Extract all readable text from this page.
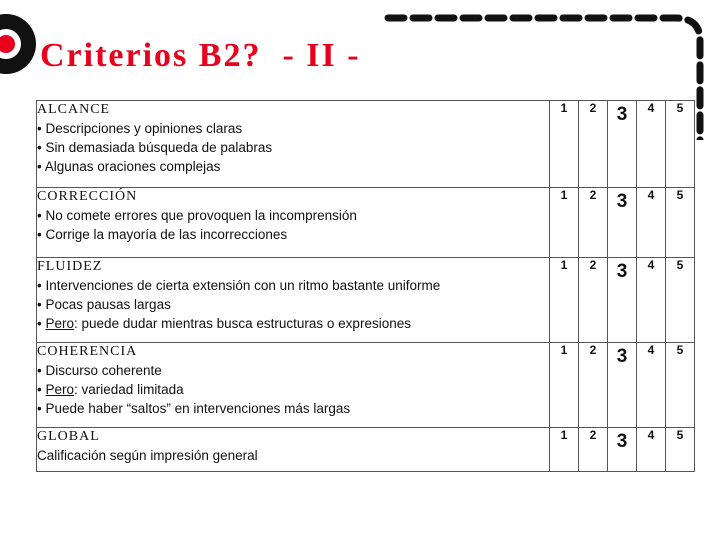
Criterios B2?  - II -
ALCANCE
• Descripciones y opiniones claras
• Sin demasiada búsqueda de palabras
• Algunas oraciones complejas	1	2	3	4	5

CORRECCIÓN
• No comete errores que provoquen la incomprensión
• Corrige la mayoría de las incorrecciones	1	2	3	4	5

FLUIDEZ
• Intervenciones de cierta extensión con un ritmo bastante uniforme
• Pocas pausas largas
• Pero: puede dudar mientras busca estructuras o expresiones	1	2	3	4	5

COHERENCIA
• Discurso coherente
• Pero: variedad limitada
• Puede haber “saltos” en intervenciones más largas	1	2	3	4	5

GLOBAL
Calificación según impresión general	1	2	3	4	5
